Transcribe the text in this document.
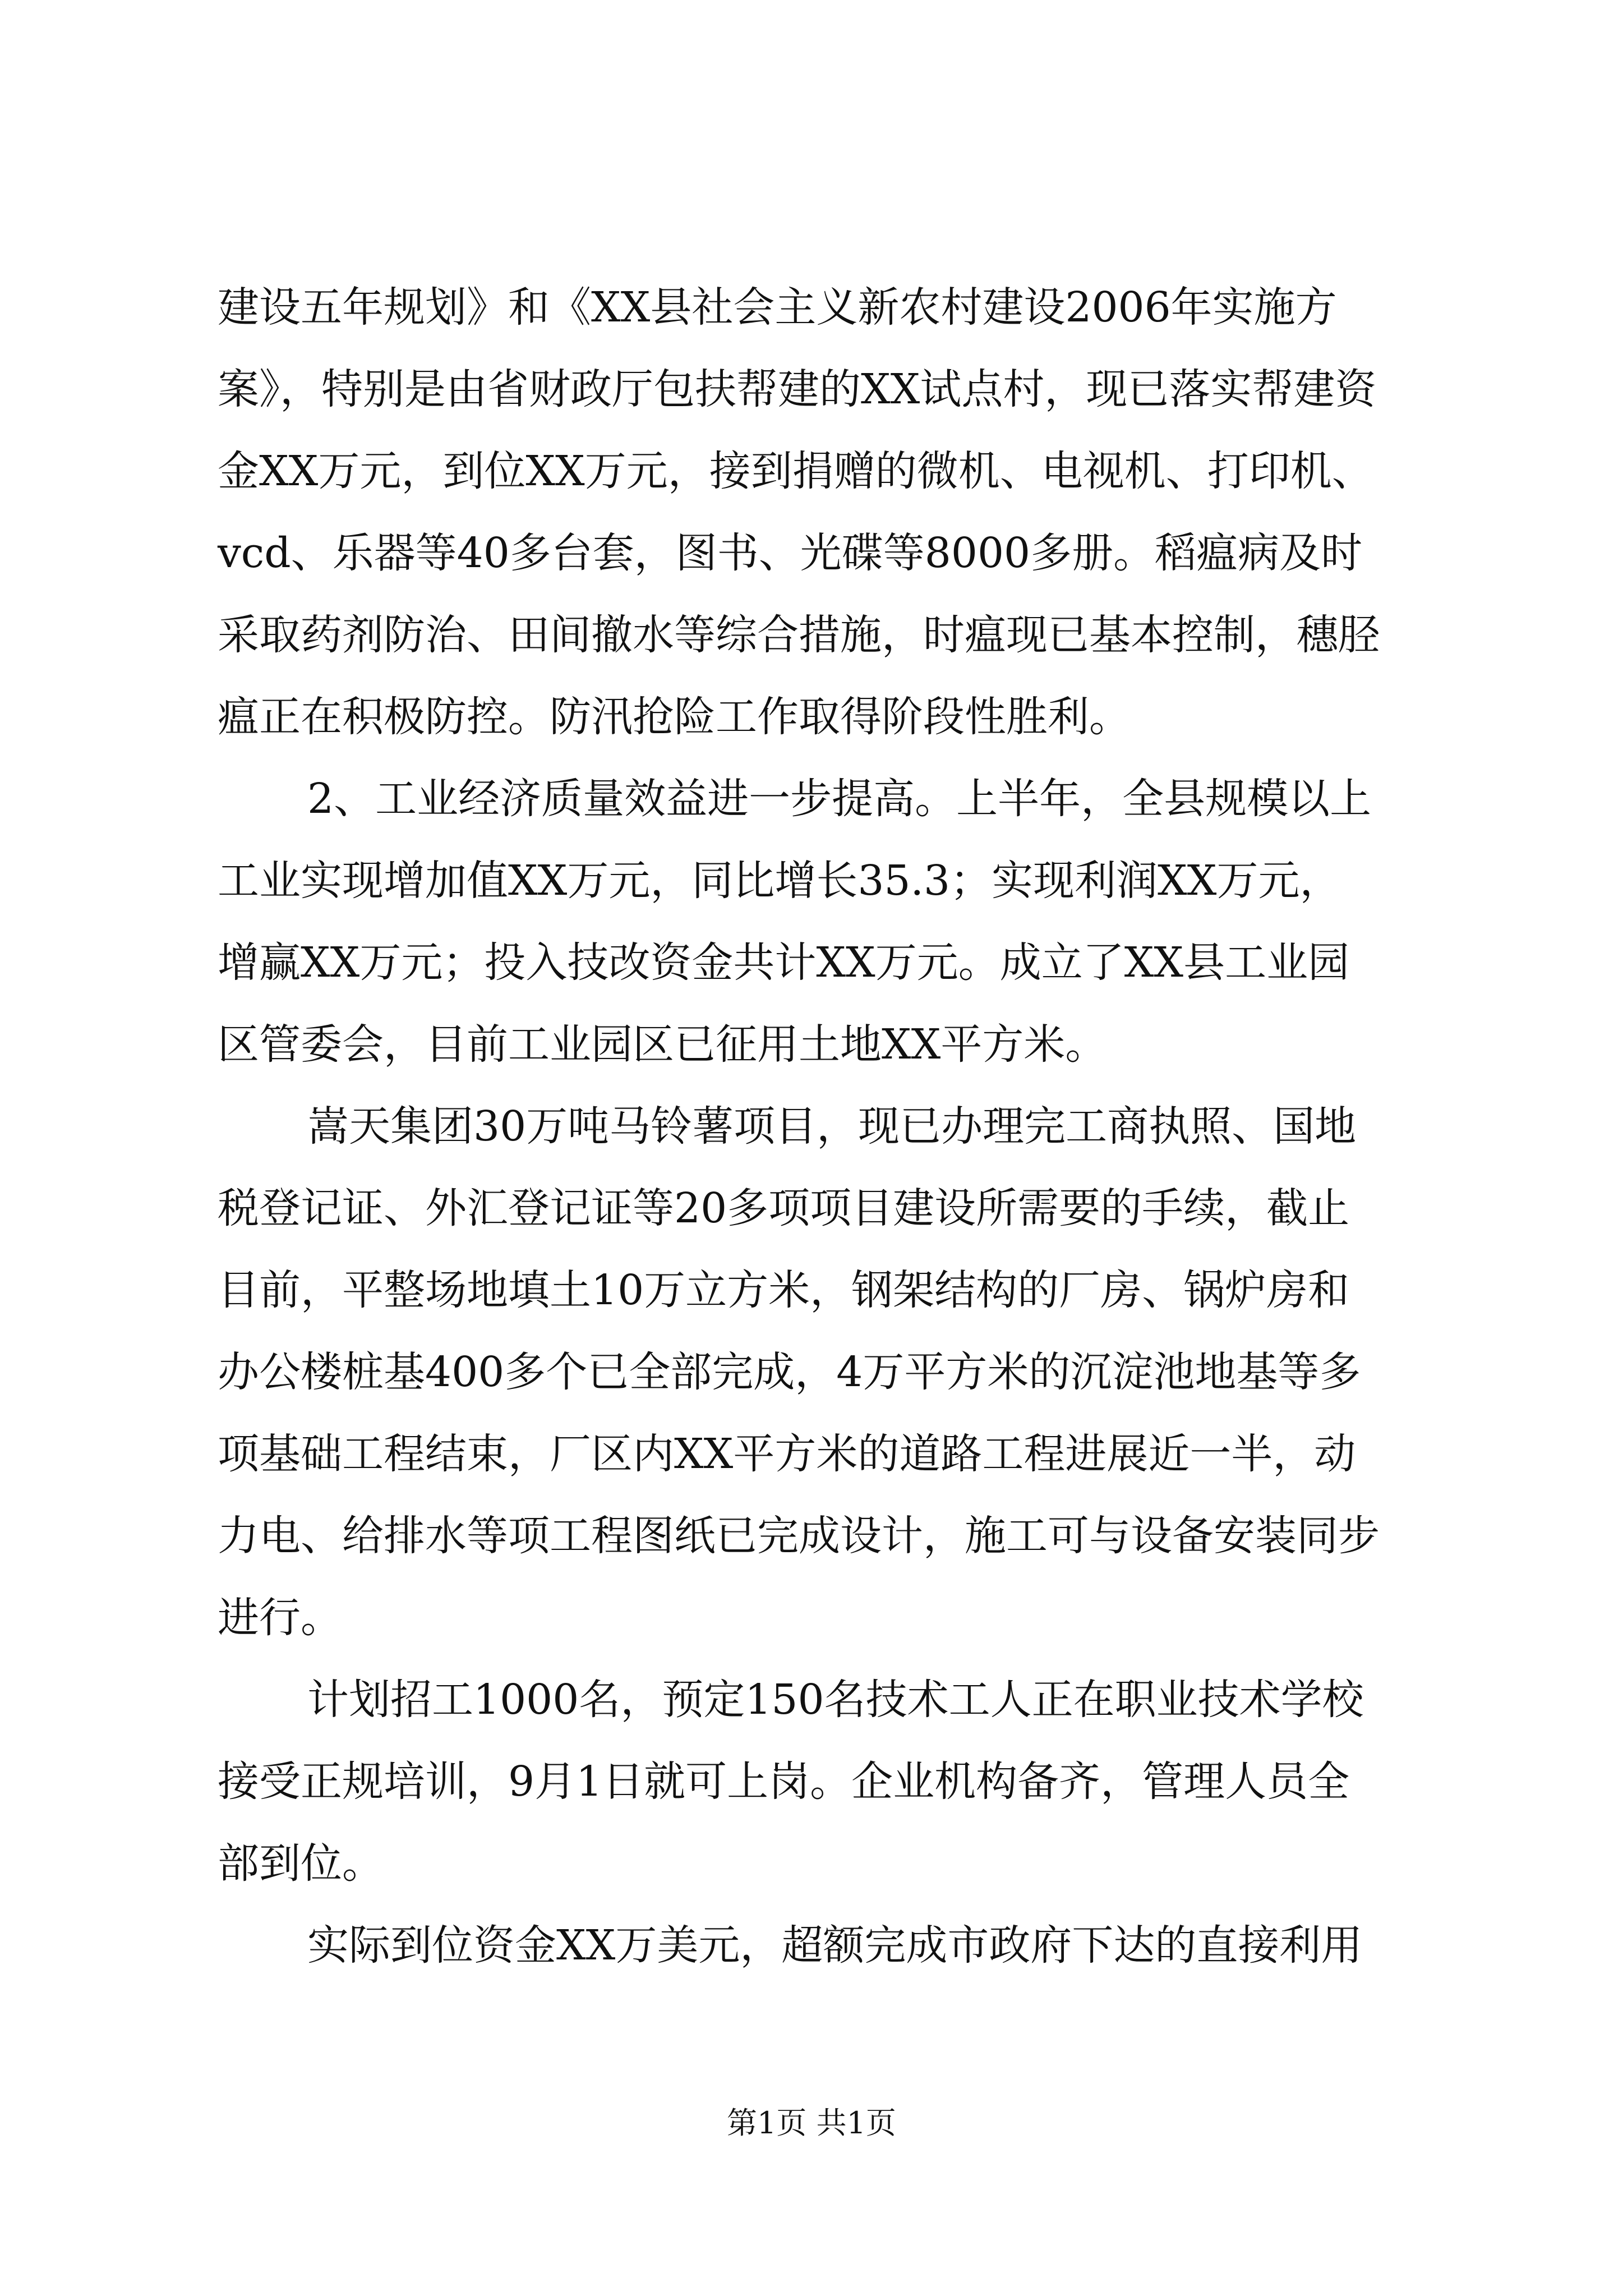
建设五年规划》和《XX县社会主义新农村建设2006年实施方
案》，特别是由省财政厅包扶帮建的XX试点村，现已落实帮建资
金XX万元，到位XX万元，接到捐赠的微机、电视机、打印机、
vcd、乐器等40多台套，图书、光碟等8000多册。稻瘟病及时
采取药剂防治、田间撤水等综合措施，时瘟现已基本控制，穗胫
瘟正在积极防控。防汛抢险工作取得阶段性胜利。
2、工业经济质量效益进一步提高。上半年，全县规模以上
工业实现增加值XX万元，同比增长35.3；实现利润XX万元，
增赢XX万元；投入技改资金共计XX万元。成立了XX县工业园
区管委会，目前工业园区已征用土地XX平方米。
嵩天集团30万吨马铃薯项目，现已办理完工商执照、国地
税登记证、外汇登记证等20多项项目建设所需要的手续，截止
目前，平整场地填土10万立方米，钢架结构的厂房、锅炉房和
办公楼桩基400多个已全部完成，4万平方米的沉淀池地基等多
项基础工程结束，厂区内XX平方米的道路工程进展近一半，动
力电、给排水等项工程图纸已完成设计，施工可与设备安装同步
进行。
计划招工1000名，预定150名技术工人正在职业技术学校
接受正规培训，9月1日就可上岗。企业机构备齐，管理人员全
部到位。
实际到位资金XX万美元，超额完成市政府下达的直接利用
第1页 共1页
